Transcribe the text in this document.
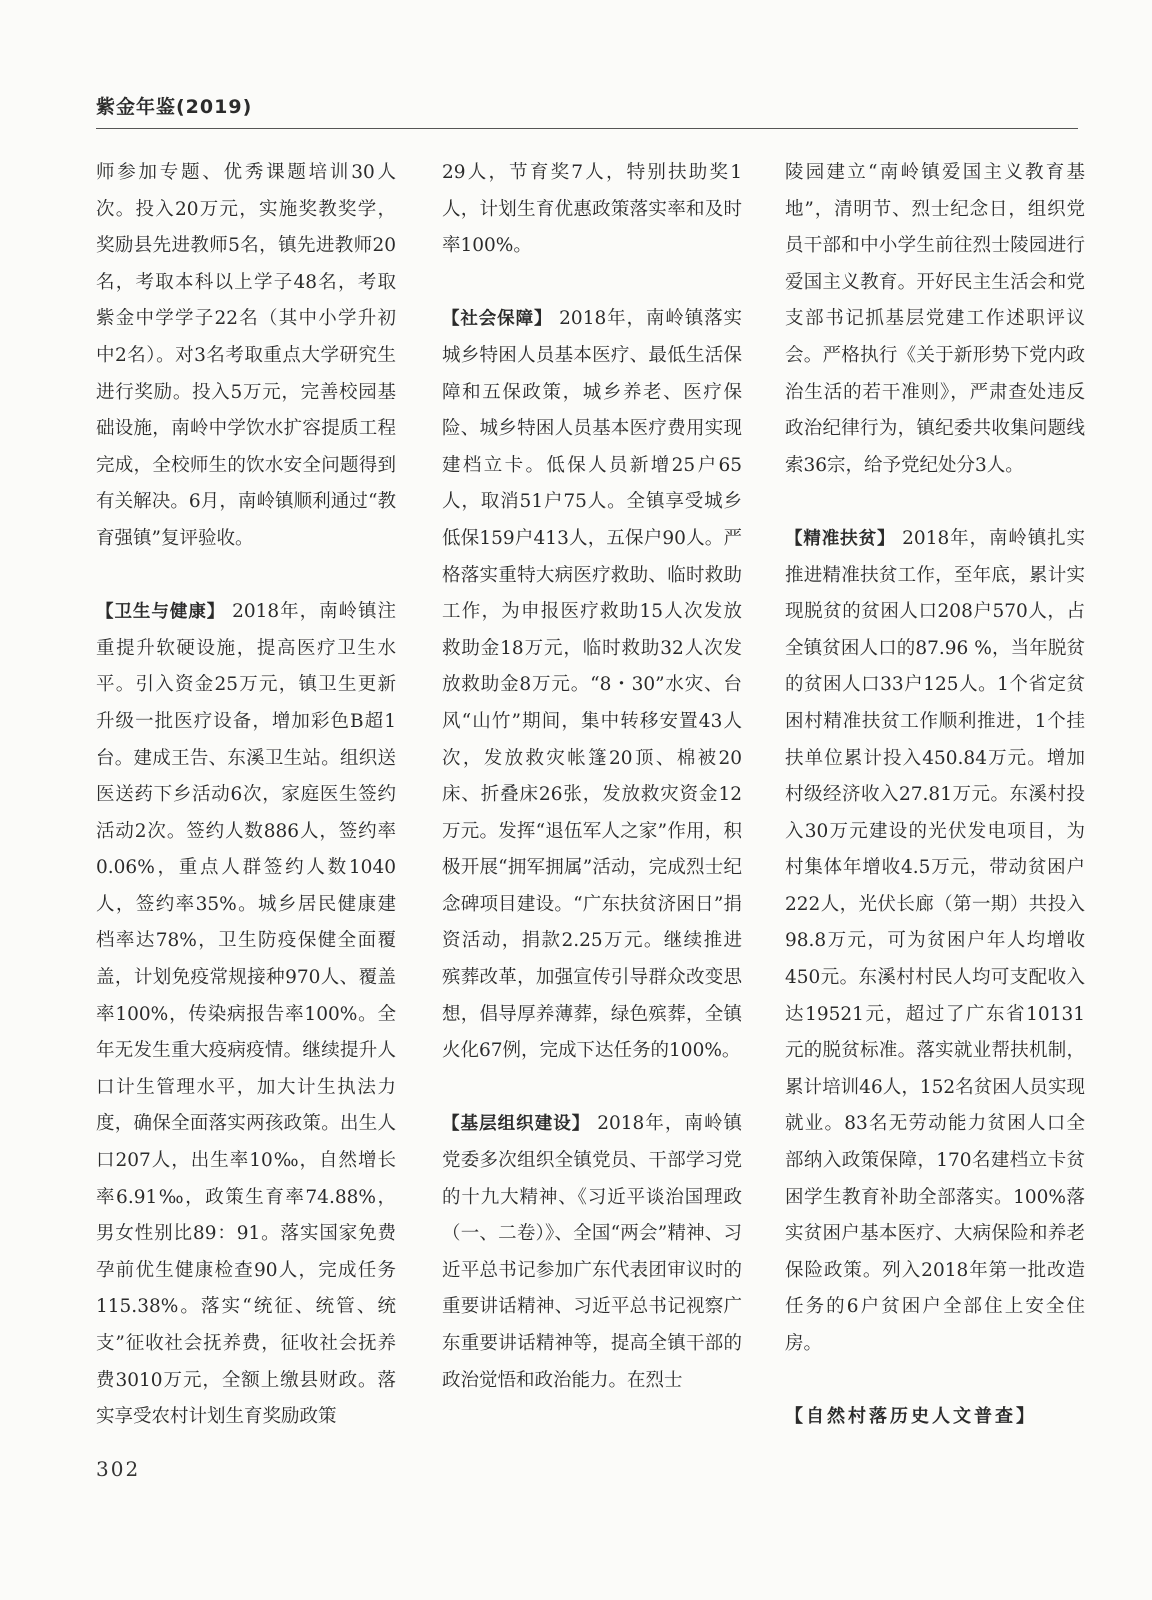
紫金年鉴(2019)

师参加专题、优秀课题培训30人次。投入20万元，实施奖教奖学，奖励县先进教师5名，镇先进教师20名，考取本科以上学子48名，考取紫金中学学子22名（其中小学升初中2名）。对3名考取重点大学研究生进行奖励。投入5万元，完善校园基础设施，南岭中学饮水扩容提质工程完成，全校师生的饮水安全问题得到有关解决。6月，南岭镇顺利通过“教育强镇”复评验收。

【卫生与健康】 2018年，南岭镇注重提升软硬设施，提高医疗卫生水平。引入资金25万元，镇卫生更新升级一批医疗设备，增加彩色B超1台。建成王告、东溪卫生站。组织送医送药下乡活动6次，家庭医生签约活动2次。签约人数886人，签约率0.06%，重点人群签约人数1040人，签约率35%。城乡居民健康建档率达78%，卫生防疫保健全面覆盖，计划免疫常规接种970人、覆盖率100%，传染病报告率100%。全年无发生重大疫病疫情。继续提升人口计生管理水平，加大计生执法力度，确保全面落实两孩政策。出生人口207人，出生率10‰，自然增长率6.91‰，政策生育率74.88%，男女性别比89：91。落实国家免费孕前优生健康检查90人，完成任务115.38%。落实“统征、统管、统支”征收社会抚养费，征收社会抚养费3010万元，全额上缴县财政。落实享受农村计划生育奖励政策

29人，节育奖7人，特别扶助奖1人，计划生育优惠政策落实率和及时率100%。

【社会保障】 2018年，南岭镇落实城乡特困人员基本医疗、最低生活保障和五保政策，城乡养老、医疗保险、城乡特困人员基本医疗费用实现建档立卡。低保人员新增25户65人，取消51户75人。全镇享受城乡低保159户413人，五保户90人。严格落实重特大病医疗救助、临时救助工作，为申报医疗救助15人次发放救助金18万元，临时救助32人次发放救助金8万元。“8・30”水灾、台风“山竹”期间，集中转移安置43人次，发放救灾帐篷20顶、棉被20床、折叠床26张，发放救灾资金12万元。发挥“退伍军人之家”作用，积极开展“拥军拥属”活动，完成烈士纪念碑项目建设。“广东扶贫济困日”捐资活动，捐款2.25万元。继续推进殡葬改革，加强宣传引导群众改变思想，倡导厚养薄葬，绿色殡葬，全镇火化67例，完成下达任务的100%。

【基层组织建设】 2018年，南岭镇党委多次组织全镇党员、干部学习党的十九大精神、《习近平谈治国理政（一、二卷）》、全国“两会”精神、习近平总书记参加广东代表团审议时的重要讲话精神、习近平总书记视察广东重要讲话精神等，提高全镇干部的政治觉悟和政治能力。在烈士

陵园建立“南岭镇爱国主义教育基地”，清明节、烈士纪念日，组织党员干部和中小学生前往烈士陵园进行爱国主义教育。开好民主生活会和党支部书记抓基层党建工作述职评议会。严格执行《关于新形势下党内政治生活的若干准则》，严肃查处违反政治纪律行为，镇纪委共收集问题线索36宗，给予党纪处分3人。

【精准扶贫】 2018年，南岭镇扎实推进精准扶贫工作，至年底，累计实现脱贫的贫困人口208户570人，占全镇贫困人口的87.96 %，当年脱贫的贫困人口33户125人。1个省定贫困村精准扶贫工作顺利推进，1个挂扶单位累计投入450.84万元。增加村级经济收入27.81万元。东溪村投入30万元建设的光伏发电项目，为村集体年增收4.5万元，带动贫困户222人，光伏长廊（第一期）共投入98.8万元，可为贫困户年人均增收450元。东溪村村民人均可支配收入达19521元，超过了广东省10131元的脱贫标准。落实就业帮扶机制，累计培训46人，152名贫困人员实现就业。83名无劳动能力贫困人口全部纳入政策保障，170名建档立卡贫困学生教育补助全部落实。100%落实贫困户基本医疗、大病保险和养老保险政策。列入2018年第一批改造任务的6户贫困户全部住上安全住房。

【自然村落历史人文普查】

302
